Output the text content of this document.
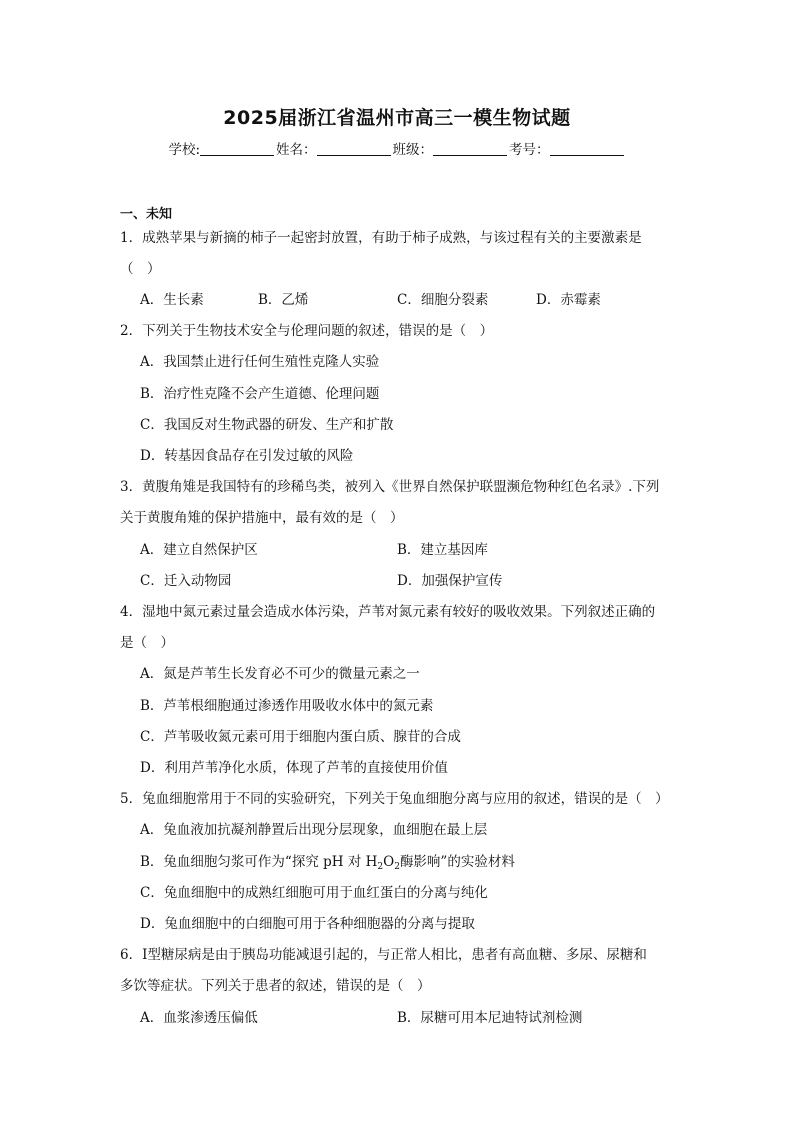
2025届浙江省温州市高三一模生物试题
学校:	姓名：	班级：	考号：
一、未知
1．成熟苹果与新摘的柿子一起密封放置，有助于柿子成熟，与该过程有关的主要激素是
（　）
A．生长素	B．乙烯	C．细胞分裂素	D．赤霉素
2．下列关于生物技术安全与伦理问题的叙述，错误的是（　）
A．我国禁止进行任何生殖性克隆人实验
B．治疗性克隆不会产生道德、伦理问题
C．我国反对生物武器的研发、生产和扩散
D．转基因食品存在引发过敏的风险
3．黄腹角雉是我国特有的珍稀鸟类，被列入《世界自然保护联盟濒危物种红色名录》.下列
关于黄腹角雉的保护措施中，最有效的是（　）
A．建立自然保护区	B．建立基因库
C．迁入动物园	D．加强保护宣传
4．湿地中氮元素过量会造成水体污染，芦苇对氮元素有较好的吸收效果。下列叙述正确的
是（　）
A．氮是芦苇生长发育必不可少的微量元素之一
B．芦苇根细胞通过渗透作用吸收水体中的氮元素
C．芦苇吸收氮元素可用于细胞内蛋白质、腺苷的合成
D．利用芦苇净化水质，体现了芦苇的直接使用价值
5．兔血细胞常用于不同的实验研究，下列关于兔血细胞分离与应用的叙述，错误的是（　）
A．兔血液加抗凝剂静置后出现分层现象，血细胞在最上层
B．兔血细胞匀浆可作为“探究 pH 对 $H_2O_2$酶影响”的实验材料
C．兔血细胞中的成熟红细胞可用于血红蛋白的分离与纯化
D．兔血细胞中的白细胞可用于各种细胞器的分离与提取
6．Ⅰ型糖尿病是由于胰岛功能减退引起的，与正常人相比，患者有高血糖、多尿、尿糖和
多饮等症状。下列关于患者的叙述，错误的是（　）
A．血浆渗透压偏低	B．尿糖可用本尼迪特试剂检测
